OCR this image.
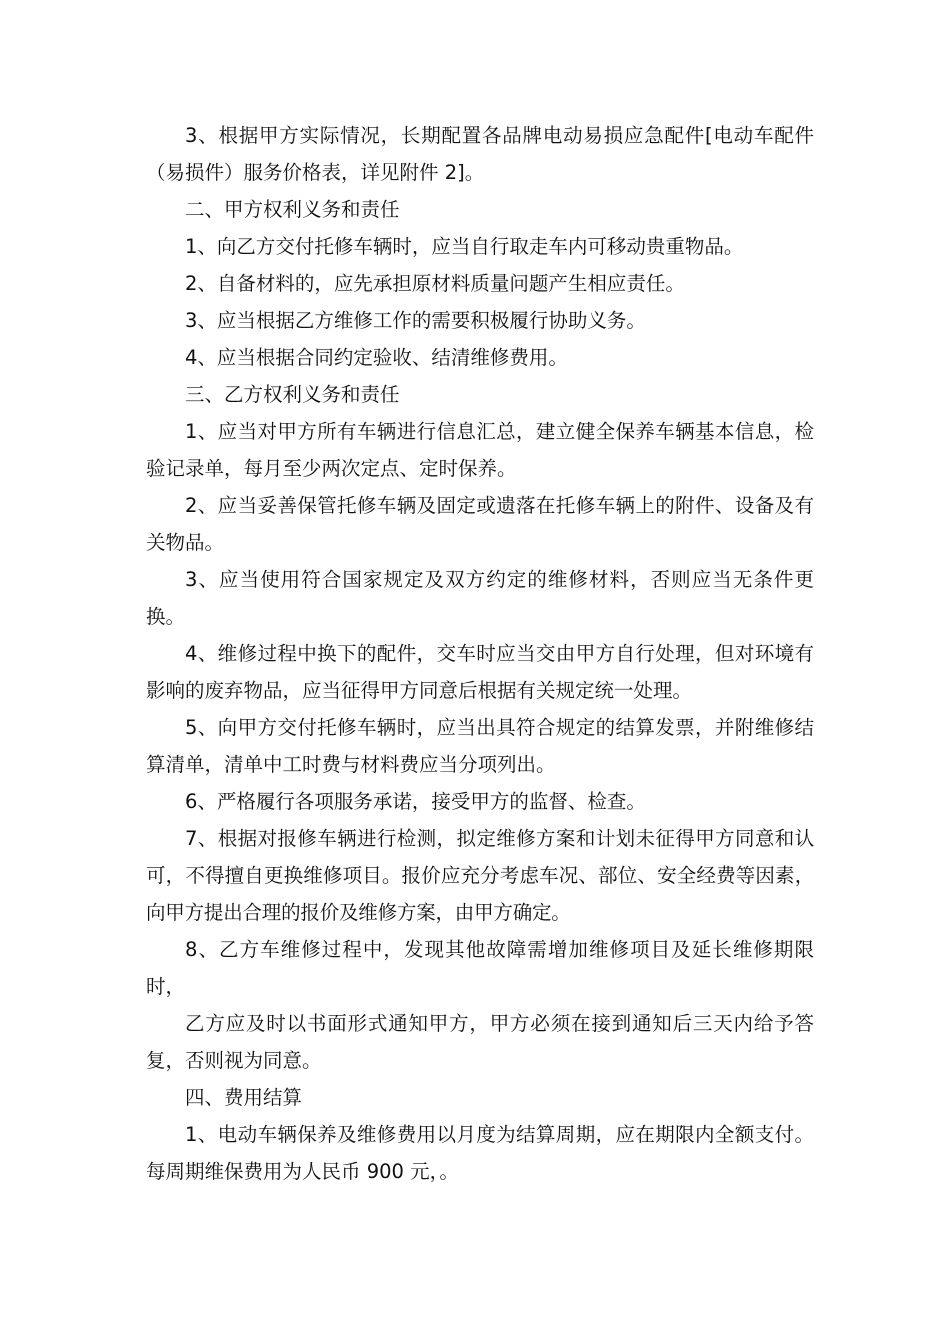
3、根据甲方实际情况，长期配置各品牌电动易损应急配件[电动车配件（易损件）服务价格表，详见附件 2]。

二、甲方权利义务和责任

1、向乙方交付托修车辆时，应当自行取走车内可移动贵重物品。

2、自备材料的，应先承担原材料质量问题产生相应责任。

3、应当根据乙方维修工作的需要积极履行协助义务。

4、应当根据合同约定验收、结清维修费用。

三、乙方权利义务和责任

1、应当对甲方所有车辆进行信息汇总，建立健全保养车辆基本信息，检验记录单，每月至少两次定点、定时保养。

2、应当妥善保管托修车辆及固定或遗落在托修车辆上的附件、设备及有关物品。

3、应当使用符合国家规定及双方约定的维修材料，否则应当无条件更换。

4、维修过程中换下的配件，交车时应当交由甲方自行处理，但对环境有影响的废弃物品，应当征得甲方同意后根据有关规定统一处理。

5、向甲方交付托修车辆时，应当出具符合规定的结算发票，并附维修结算清单，清单中工时费与材料费应当分项列出。

6、严格履行各项服务承诺，接受甲方的监督、检查。

7、根据对报修车辆进行检测，拟定维修方案和计划未征得甲方同意和认可，不得擅自更换维修项目。报价应充分考虑车况、部位、安全经费等因素，向甲方提出合理的报价及维修方案，由甲方确定。

8、乙方车维修过程中，发现其他故障需增加维修项目及延长维修期限时，

乙方应及时以书面形式通知甲方，甲方必须在接到通知后三天内给予答复，否则视为同意。

四、费用结算

1、电动车辆保养及维修费用以月度为结算周期，应在期限内全额支付。每周期维保费用为人民币 900 元，。
